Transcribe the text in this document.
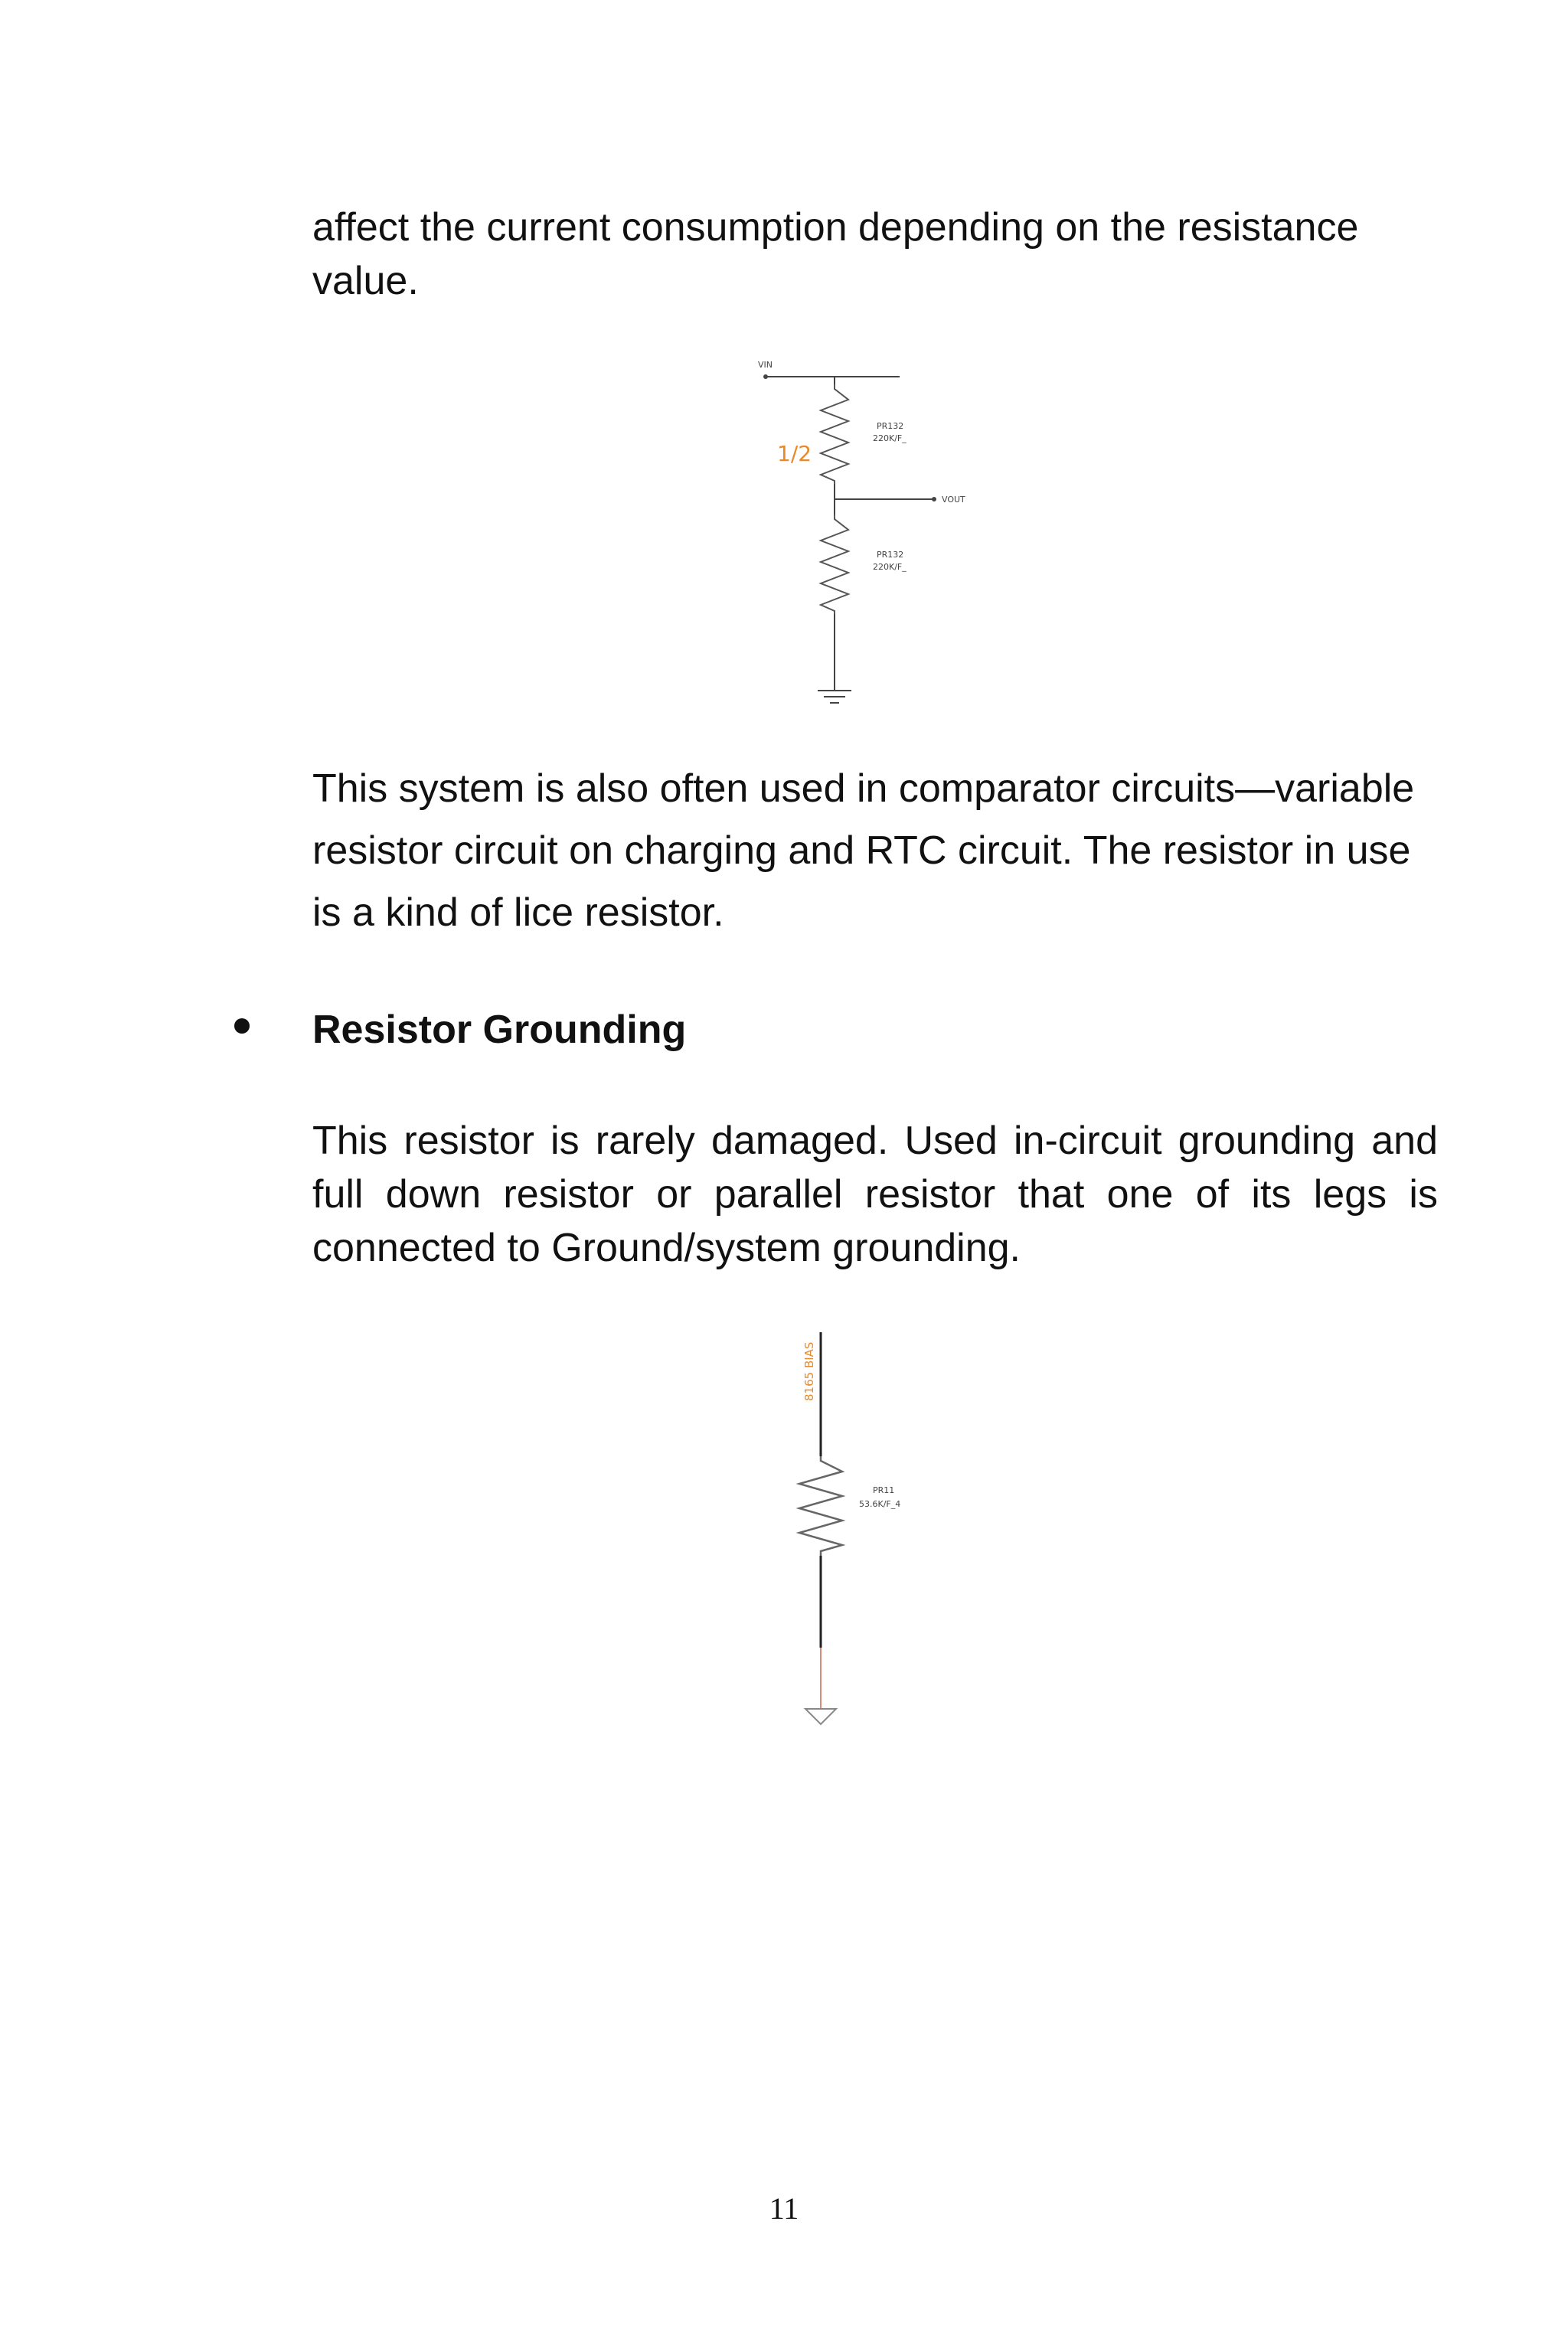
affect the current consumption depending on the resistance value.

VIN
1/2
PR132
220K/F_
VOUT
PR132
220K/F_

This system is also often used in comparator circuits—variable resistor circuit on charging and RTC circuit. The resistor in use is a kind of lice resistor.

Resistor Grounding

This resistor is rarely damaged. Used in-circuit grounding and full down resistor or parallel resistor that one of its legs is connected to Ground/system grounding.

8165 BIAS
PR11
53.6K/F_4
11
